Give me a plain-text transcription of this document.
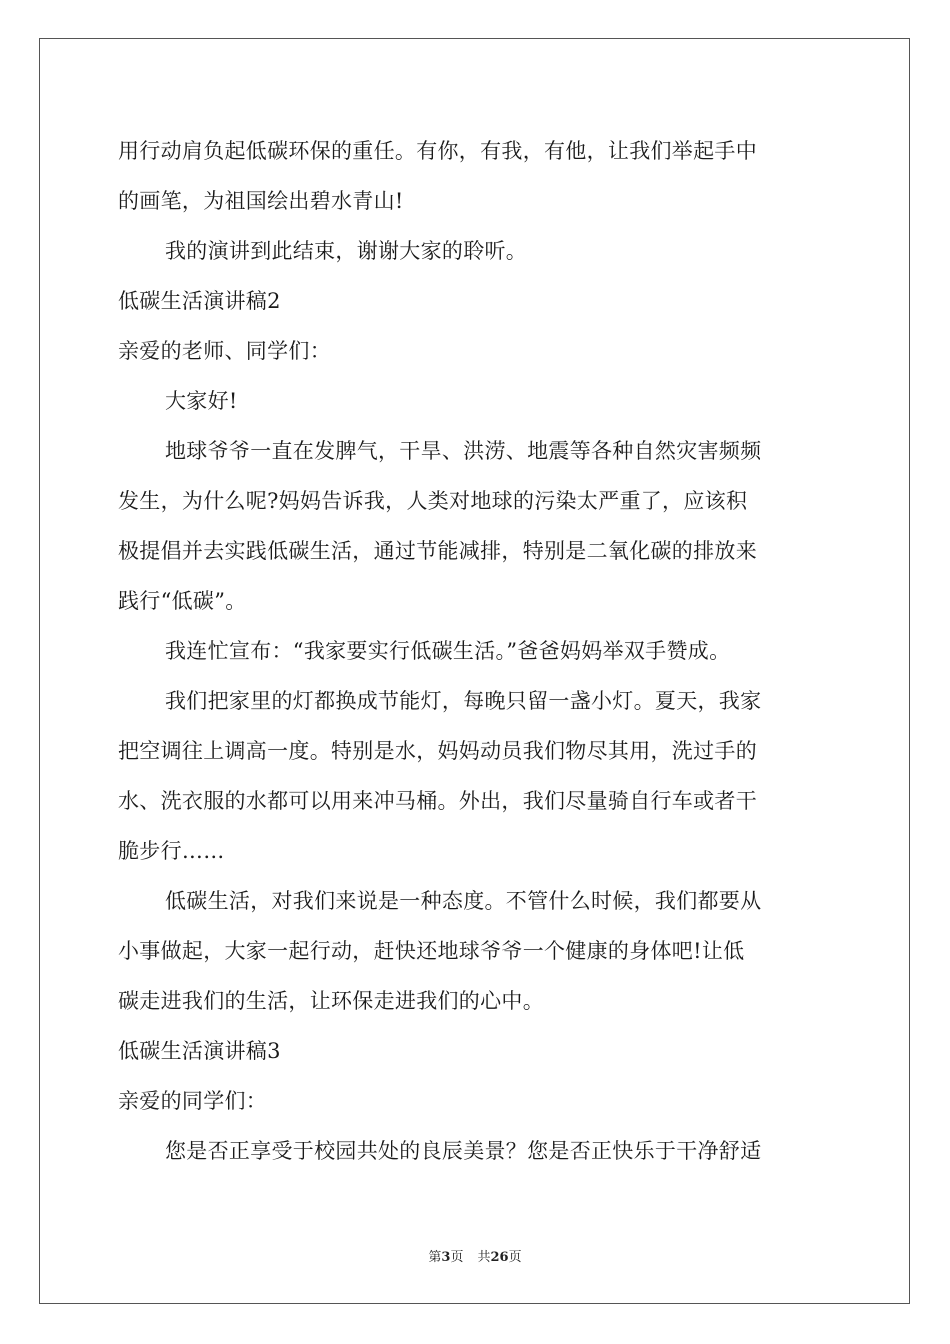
用行动肩负起低碳环保的重任。有你，有我，有他，让我们举起手中
的画笔，为祖国绘出碧水青山!
我的演讲到此结束，谢谢大家的聆听。
低碳生活演讲稿2
亲爱的老师、同学们：
大家好!
地球爷爷一直在发脾气，干旱、洪涝、地震等各种自然灾害频频
发生，为什么呢?妈妈告诉我，人类对地球的污染太严重了，应该积
极提倡并去实践低碳生活，通过节能减排，特别是二氧化碳的排放来
践行“低碳”。
我连忙宣布：“我家要实行低碳生活。”爸爸妈妈举双手赞成。
我们把家里的灯都换成节能灯，每晚只留一盏小灯。夏天，我家
把空调往上调高一度。特别是水，妈妈动员我们物尽其用，洗过手的
水、洗衣服的水都可以用来冲马桶。外出，我们尽量骑自行车或者干
脆步行……
低碳生活，对我们来说是一种态度。不管什么时候，我们都要从
小事做起，大家一起行动，赶快还地球爷爷一个健康的身体吧!让低
碳走进我们的生活，让环保走进我们的心中。
低碳生活演讲稿3
亲爱的同学们：
您是否正享受于校园共处的良辰美景？您是否正快乐于干净舒适
第3页 共26页
